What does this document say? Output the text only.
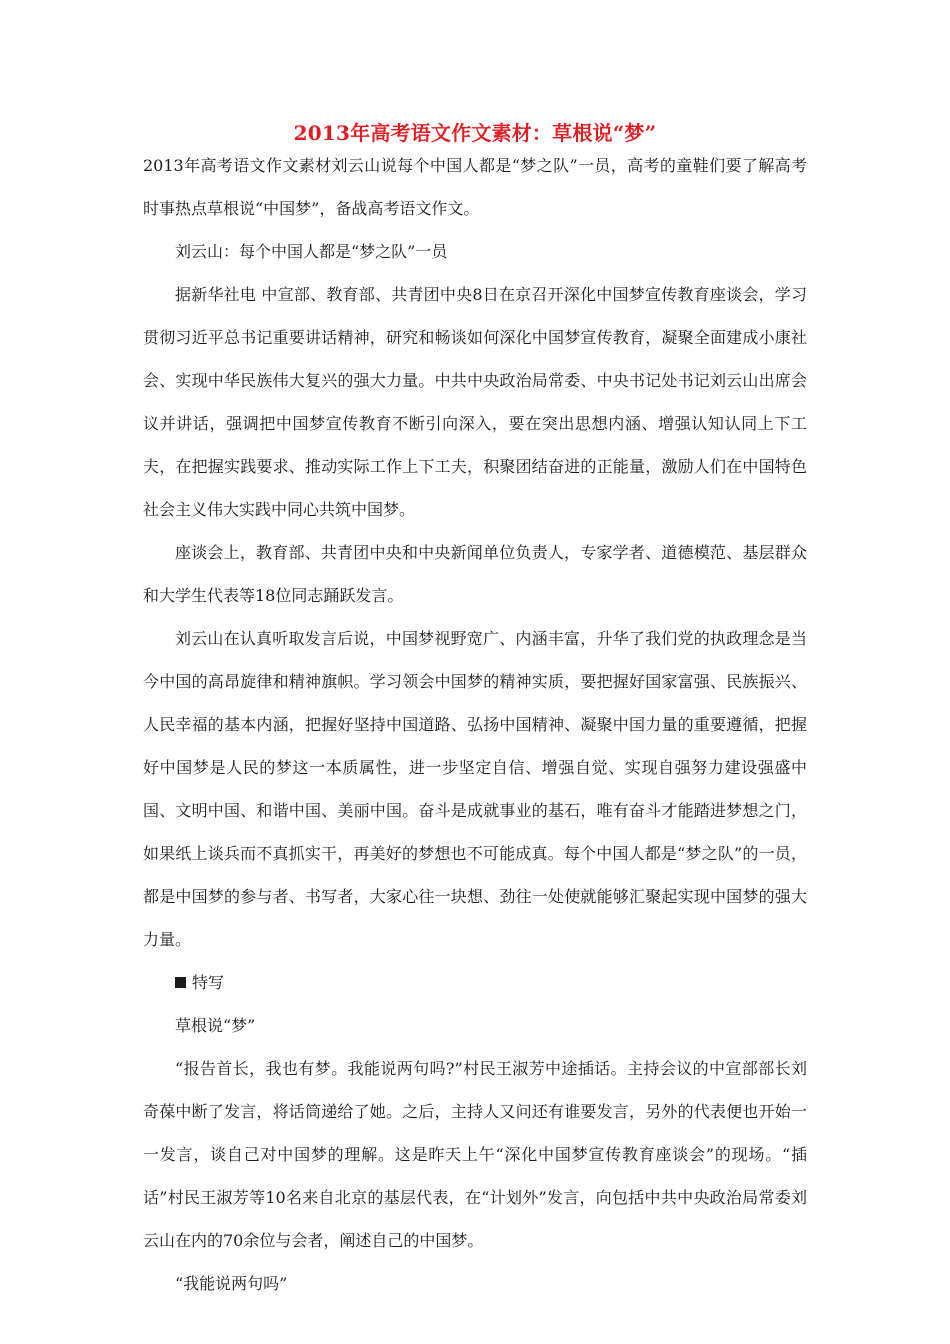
2013年高考语文作文素材：草根说“梦”

2013年高考语文作文素材刘云山说每个中国人都是“梦之队”一员，高考的童鞋们要了解高考时事热点草根说“中国梦”，备战高考语文作文。

刘云山：每个中国人都是“梦之队”一员

据新华社电 中宣部、教育部、共青团中央8日在京召开深化中国梦宣传教育座谈会，学习贯彻习近平总书记重要讲话精神，研究和畅谈如何深化中国梦宣传教育，凝聚全面建成小康社会、实现中华民族伟大复兴的强大力量。中共中央政治局常委、中央书记处书记刘云山出席会议并讲话，强调把中国梦宣传教育不断引向深入，要在突出思想内涵、增强认知认同上下工夫，在把握实践要求、推动实际工作上下工夫，积聚团结奋进的正能量，激励人们在中国特色社会主义伟大实践中同心共筑中国梦。

座谈会上，教育部、共青团中央和中央新闻单位负责人，专家学者、道德模范、基层群众和大学生代表等18位同志踊跃发言。

刘云山在认真听取发言后说，中国梦视野宽广、内涵丰富，升华了我们党的执政理念是当今中国的高昂旋律和精神旗帜。学习领会中国梦的精神实质，要把握好国家富强、民族振兴、人民幸福的基本内涵，把握好坚持中国道路、弘扬中国精神、凝聚中国力量的重要遵循，把握好中国梦是人民的梦这一本质属性，进一步坚定自信、增强自觉、实现自强努力建设强盛中国、文明中国、和谐中国、美丽中国。奋斗是成就事业的基石，唯有奋斗才能踏进梦想之门，如果纸上谈兵而不真抓实干，再美好的梦想也不可能成真。每个中国人都是“梦之队”的一员，都是中国梦的参与者、书写者，大家心往一块想、劲往一处使就能够汇聚起实现中国梦的强大力量。

特写

草根说“梦”

“报告首长，我也有梦。我能说两句吗?”村民王淑芳中途插话。主持会议的中宣部部长刘奇葆中断了发言，将话筒递给了她。之后，主持人又问还有谁要发言，另外的代表便也开始一一发言，谈自己对中国梦的理解。这是昨天上午“深化中国梦宣传教育座谈会”的现场。“插话”村民王淑芳等10名来自北京的基层代表，在“计划外”发言，向包括中共中央政治局常委刘云山在内的70余位与会者，阐述自己的中国梦。

“我能说两句吗”
